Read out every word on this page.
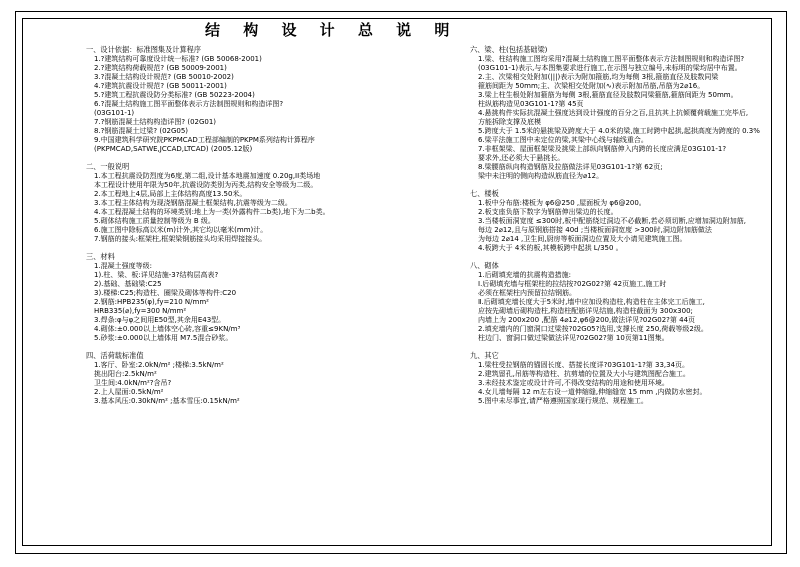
结 构 设 计 总 说 明
一、设计依据：标准图集及计算程序
1.?建筑结构可靠度设计统一标准? (GB 50068-2001)
2.?建筑结构荷载规范? (GB 50009-2001)
3.?混凝土结构设计规范? (GB 50010-2002)
4.?建筑抗震设计规范? (GB 50011-2001)
5.?建筑工程抗震设防分类标准? (GB 50223-2004)
6.?混凝土结构施工图平面整体表示方法制图规则和构造详图?
(03G101-1)
7.?钢筋混凝土结构构造详图? (02G01)
8.?钢筋混凝土过梁? (02G05)
9.中国建筑科学研究院PKPMCAD工程部编制的PKPM系列结构计算程序
(PKPMCAD,SATWE,JCCAD,LTCAD) (2005.12版)
二、一般说明
1.本工程抗震设防烈度为6度,第二组,设计基本地震加速度 0.20g,II类场地
本工程设计使用年限为50年,抗震设防类别为丙类,结构安全等级为二级。
2.本工程地上4层,局部上主体结构高度13.50米。
3.本工程主体结构为现浇钢筋混凝土框架结构,抗震等级为二级。
4.本工程混凝土结构的环境类别:地上为一类(外露构件二b类),地下为二b类。
5.砌体结构施工质量控制等级为 B 级。
6.施工图中除标高以米(m)计外,其它均以毫米(mm)计。
7.钢筋的接头:框架柱,框架梁钢筋接头均采用焊接接头。
三、材料
1.混凝土强度等级:
1).柱、梁、板:详见结施-3?结构层高表?
2).基础、基础梁:C25
3).楼梯:C25;构造柱、圈梁及砌体等构件:C20
2.钢筋:HPB235(φ),fy=210 N/mm²
HRB335(⌀),fy=300 N/mm²
3.焊条:φ与φ之间用E50型,其余用E43型。
4.砌体:±0.000以上墙体空心砖,容重≤9KN/m³
5.砂浆:±0.000以上墙体用 M7.5混合砂浆。
四、活荷载标准值
1.客厅、卧室:2.0kN/m² ;楼梯:3.5kN/m²
挑出阳台:2.5kN/m²
卫生间:4.0kN/m²?含吊?
2.上人屋面:0.5kN/m²
3.基本风压:0.30kN/m² ;基本雪压:0.15kN/m²
六、梁、柱(包括基础梁)
1.梁、柱结构施工图均采用?混凝土结构施工图平面整体表示方法制图规则和构造详图?
(03G101-1)表示,与本图集要求进行施工,在示图与独立编号,未标明的梁均居中布置。
2.主、次梁相交处附加(|||)表示为附加箍筋,均为每侧 3根,箍筋直径及肢数同梁
箍筋间距为 50mm;主、次梁相交处附加(∿)表示附加吊筋,吊筋为2⌀16。
3.梁上柱生根处附加箍筋为每侧 3根,箍筋直径及肢数同梁箍筋,箍筋间距为 50mm。
柱纵筋构造见03G101-1?第 45页
4.悬挑构件实际抗混凝土强度达到设计强度的百分之百,且抗其上抗倾覆荷载施工完毕后,
方能拆除支撑及底模
5.跨度大于 1.5米的悬挑梁及跨度大于 4.0米的梁,施工时跨中起拱,起拱高度为跨度的 0.3%
6.梁平法施工图中未定位的梁,其梁中心线与轴线重合。
7.非框架梁、屋面框架梁及挑梁上部纵向钢筋伸入内跨的长度应满足03G101-1?
要求外,还必须大于悬挑长。
8.梁腰筋纵向构造钢筋及拉筋做法详见03G101-1?第 62页;
梁中未注明的侧向构造纵筋直径为⌀12。
七、楼板
1.板中分布筋:楼板为 φ6@250 ,屋面板为 φ6@200。
2.板支座负筋下数字为钢筋伸出梁边的长度。
3.当楼板面洞宽度 ≤300时,板中配筋绕过洞边不必截断,若必须切断,应增加洞边附加筋,
每边 2⌀12,且与原钢筋搭接 40d ;当楼板面洞宽度 >300时,洞边附加筋做法
为每边 2⌀14 ,卫生间,厨房等板面洞边位置及大小请见建筑施工图。
4.板跨大于 4米的板,其模板跨中起拱 L/350 。
八、砌体
1.后砌填充墙的抗震构造措施:
Ⅰ.后砌填充墙与框架柱的拉结按?02G02?第 42页施工,施工时
必须在框架柱内预留拉结钢筋。
Ⅱ.后砌填充墙长度大于5米时,墙中应加设构造柱,构造柱在主体完工后施工,
应按先砌墙后砌构造柱,构造柱配筋详见结施,构造柱截面为 300x300;
内墙上为 200x200 ,配筋 4⌀12,φ6@200,做法详见?02G02?第 44页
2.填充墙内的门窗洞口过梁按?02G05?选用,支撑长度 250,荷载等级2级。
柱边门、窗洞口做过梁做法详见?02G02?第 10页第11图集。
九、其它
1.梁柱受拉钢筋的锚固长度、搭接长度详?03G101-1?第 33,34页。
2.建筑留孔,吊筋等构造柱、抗剪墙的位置及大小与建筑图配合施工。
3.未经技术鉴定或设计许可,不得改变结构的用途和使用环境。
4.女儿墙每隔 12 m左右设一道伸缩缝,伸缩缝宽 15 mm ,内做防水密封。
5.图中未尽事宜,请严格遵照国家现行规范、规程施工。
